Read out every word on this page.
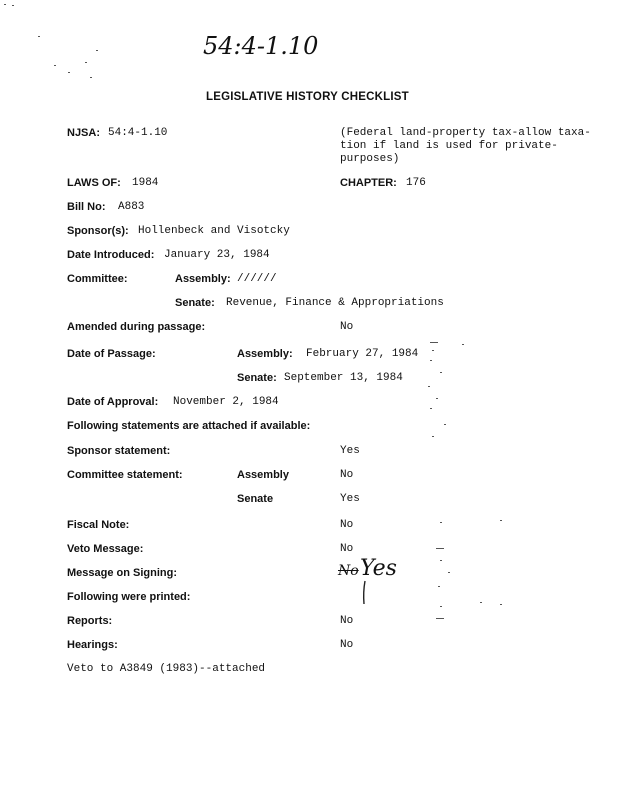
54:4-1.10
LEGISLATIVE HISTORY CHECKLIST
NJSA: 54:4-1.10	(Federal land-property tax-allow taxa-
tion if land is used for private-
purposes)
LAWS OF: 1984	CHAPTER: 176
Bill No: A883
Sponsor(s): Hollenbeck and Visotcky
Date Introduced: January 23, 1984
Committee:	Assembly: //////
Senate: Revenue, Finance & Appropriations
Amended during passage:	No
Date of Passage:	Assembly: February 27, 1984
Senate: September 13, 1984
Date of Approval: November 2, 1984
Following statements are attached if available:
Sponsor statement:	Yes
Committee statement:	Assembly	No
Senate	Yes
Fiscal Note:	No
Veto Message:	No
Message on Signing:	No Yes
Following were printed:
Reports:	No
Hearings:	No
Veto to A3849 (1983)--attached
